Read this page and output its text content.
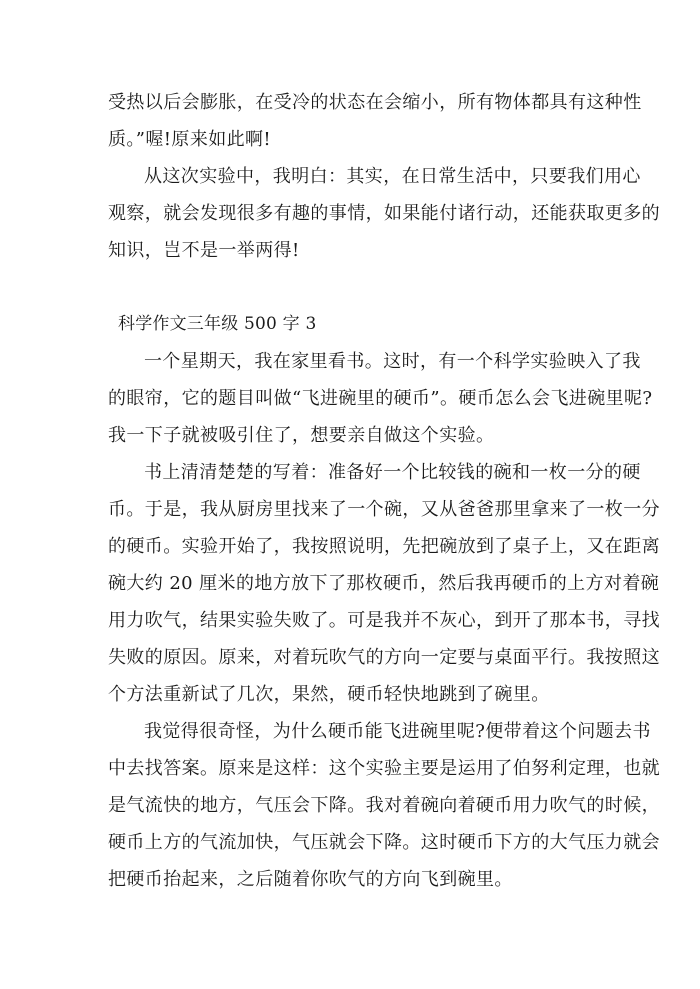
受热以后会膨胀，在受冷的状态在会缩小，所有物体都具有这种性
质。”喔!原来如此啊!
从这次实验中，我明白：其实，在日常生活中，只要我们用心
观察，就会发现很多有趣的事情，如果能付诸行动，还能获取更多的
知识，岂不是一举两得!
科学作文三年级 500 字 3
一个星期天，我在家里看书。这时，有一个科学实验映入了我
的眼帘，它的题目叫做“飞进碗里的硬币”。硬币怎么会飞进碗里呢?
我一下子就被吸引住了，想要亲自做这个实验。
书上清清楚楚的写着：准备好一个比较钱的碗和一枚一分的硬
币。于是，我从厨房里找来了一个碗，又从爸爸那里拿来了一枚一分
的硬币。实验开始了，我按照说明，先把碗放到了桌子上，又在距离
碗大约 20 厘米的地方放下了那枚硬币，然后我再硬币的上方对着碗
用力吹气，结果实验失败了。可是我并不灰心，到开了那本书，寻找
失败的原因。原来，对着玩吹气的方向一定要与桌面平行。我按照这
个方法重新试了几次，果然，硬币轻快地跳到了碗里。
我觉得很奇怪，为什么硬币能飞进碗里呢?便带着这个问题去书
中去找答案。原来是这样：这个实验主要是运用了伯努利定理，也就
是气流快的地方，气压会下降。我对着碗向着硬币用力吹气的时候，
硬币上方的气流加快，气压就会下降。这时硬币下方的大气压力就会
把硬币抬起来，之后随着你吹气的方向飞到碗里。
